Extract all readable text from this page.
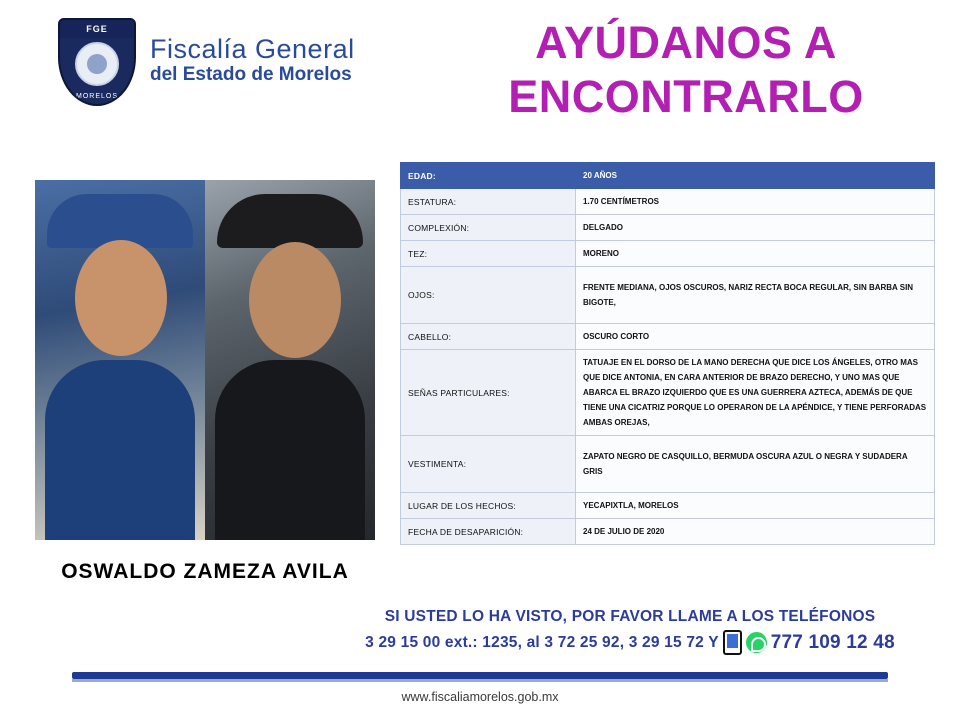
FGE
MORELOS
Fiscalía General
del Estado de Morelos
AYÚDANOS A
ENCONTRARLO
OSWALDO ZAMEZA AVILA
EDAD:	20 AÑOS
ESTATURA:	1.70 CENTÍMETROS
COMPLEXIÓN:	DELGADO
TEZ:	MORENO
OJOS:	FRENTE MEDIANA, OJOS OSCUROS, NARIZ RECTA BOCA REGULAR, SIN BARBA SIN BIGOTE,
CABELLO:	OSCURO CORTO
SEÑAS PARTICULARES:	TATUAJE EN EL DORSO DE LA MANO DERECHA QUE DICE LOS ÁNGELES, OTRO MAS QUE DICE ANTONIA, EN CARA ANTERIOR DE BRAZO DERECHO, Y UNO MAS QUE ABARCA EL BRAZO IZQUIERDO QUE ES UNA GUERRERA AZTECA, ADEMÁS DE QUE TIENE UNA CICATRIZ PORQUE LO OPERARON DE LA APÉNDICE, Y TIENE PERFORADAS AMBAS OREJAS,
VESTIMENTA:	ZAPATO NEGRO DE CASQUILLO, BERMUDA OSCURA AZUL O NEGRA Y SUDADERA GRIS
LUGAR DE LOS HECHOS:	YECAPIXTLA, MORELOS
FECHA DE DESAPARICIÓN:	24 DE JULIO DE 2020
SI USTED LO HA VISTO, POR FAVOR LLAME A LOS TELÉFONOS
3 29 15 00 ext.: 1235, al 3 72 25 92, 3 29 15 72 Y	777 109 12 48
www.fiscaliamorelos.gob.mx
